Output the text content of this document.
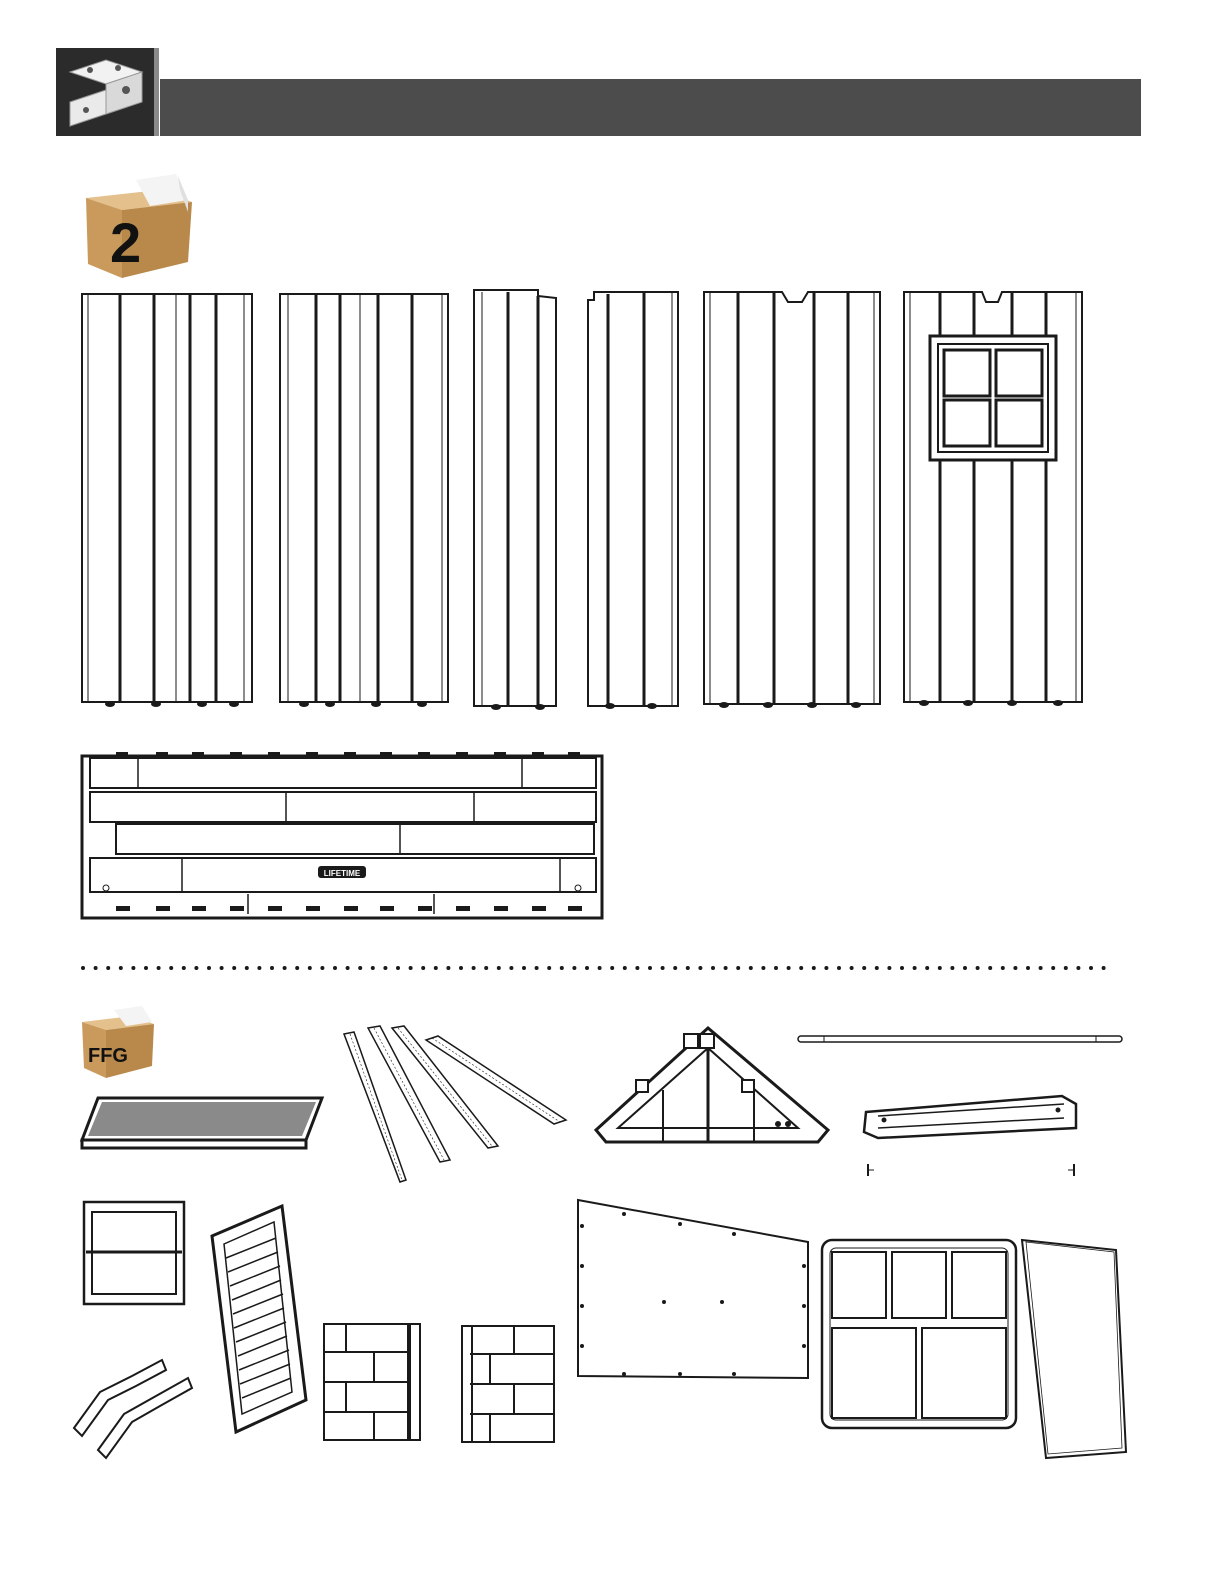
2
LIFETIME
FFG
